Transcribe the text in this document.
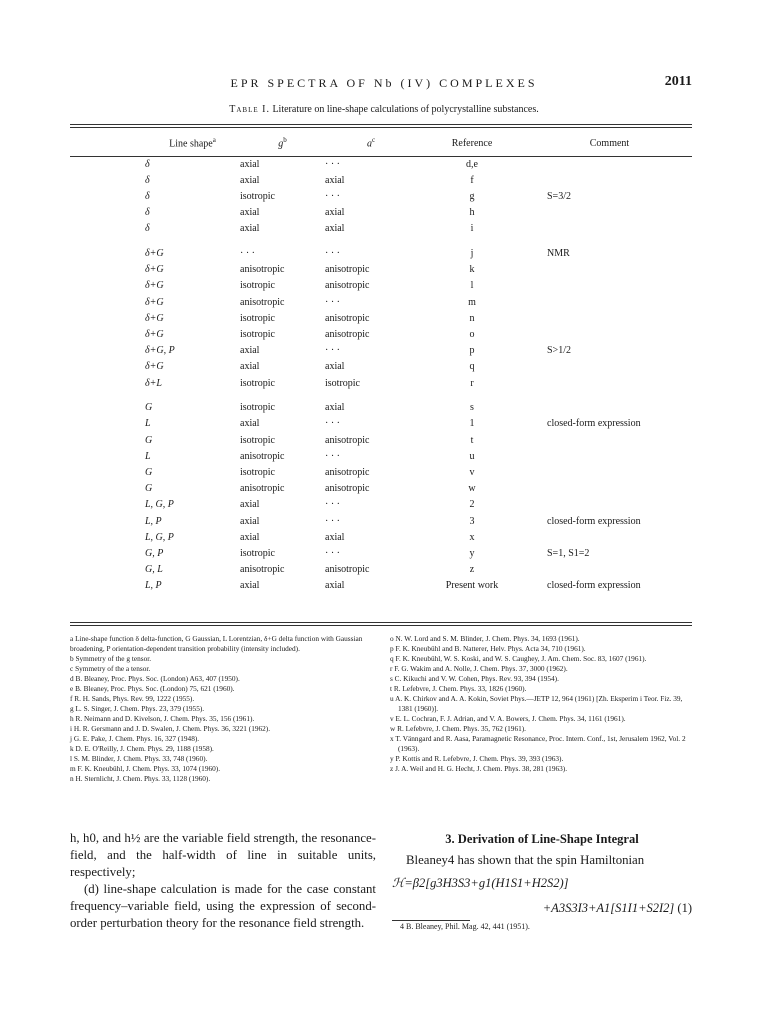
EPR SPECTRA OF Nb (IV) COMPLEXES	2011
Table I. Literature on line-shape calculations of polycrystalline substances.
	Line shape$^a$	$g^b$	$a^c$	Reference	Comment
	δ	axial	· · ·	d,e	
	δ	axial	axial	f	
	δ	isotropic	· · ·	g	S=3/2
	δ	axial	axial	h	
	δ	axial	axial	i	

	δ+G	· · ·	· · ·	j	NMR
	δ+G	anisotropic	anisotropic	k	
	δ+G	isotropic	anisotropic	l	
	δ+G	anisotropic	· · ·	m	
	δ+G	isotropic	anisotropic	n	
	δ+G	isotropic	anisotropic	o	
	δ+G, P	axial	· · ·	p	S>1/2
	δ+G	axial	axial	q	
	δ+L	isotropic	isotropic	r	

	G	isotropic	axial	s	
	L	axial	· · ·	1	closed-form expression
	G	isotropic	anisotropic	t	
	L	anisotropic	· · ·	u	
	G	isotropic	anisotropic	v	
	G	anisotropic	anisotropic	w	
	L, G, P	axial	· · ·	2	
	L, P	axial	· · ·	3	closed-form expression
	L, G, P	axial	axial	x	
	G, P	isotropic	· · ·	y	S=1, S1=2
	G, L	anisotropic	anisotropic	z	
	L, P	axial	axial	Present work	closed-form expression

a Line-shape function δ delta-function, G Gaussian, L Lorentzian, δ+G delta function with Gaussian broadening, P orientation-dependent transition probability (intensity included).

b Symmetry of the g tensor.

c Symmetry of the a tensor.

d B. Bleaney, Proc. Phys. Soc. (London) A63, 407 (1950).

e B. Bleaney, Proc. Phys. Soc. (London) 75, 621 (1960).

f R. H. Sands, Phys. Rev. 99, 1222 (1955).

g L. S. Singer, J. Chem. Phys. 23, 379 (1955).

h R. Neimann and D. Kivelson, J. Chem. Phys. 35, 156 (1961).

i H. R. Gersmann and J. D. Swalen, J. Chem. Phys. 36, 3221 (1962).

j G. E. Pake, J. Chem. Phys. 16, 327 (1948).

k D. E. O'Reilly, J. Chem. Phys. 29, 1188 (1958).

l S. M. Blinder, J. Chem. Phys. 33, 748 (1960).

m F. K. Kneubühl, J. Chem. Phys. 33, 1074 (1960).

n H. Sternlicht, J. Chem. Phys. 33, 1128 (1960).

o N. W. Lord and S. M. Blinder, J. Chem. Phys. 34, 1693 (1961).

p F. K. Kneubühl and B. Natterer, Helv. Phys. Acta 34, 710 (1961).

q F. K. Kneubühl, W. S. Koski, and W. S. Caughey, J. Am. Chem. Soc. 83, 1607 (1961).

r F. G. Wakim and A. Nolle, J. Chem. Phys. 37, 3000 (1962).

s C. Kikuchi and V. W. Cohen, Phys. Rev. 93, 394 (1954).

t R. Lefebvre, J. Chem. Phys. 33, 1826 (1960).

u A. K. Chirkov and A. A. Kokin, Soviet Phys.—JETP 12, 964 (1961) [Zh. Eksperim i Teor. Fiz. 39, 1381 (1960)].

v E. L. Cochran, F. J. Adrian, and V. A. Bowers, J. Chem. Phys. 34, 1161 (1961).

w R. Lefebvre, J. Chem. Phys. 35, 762 (1961).

x T. Vänngard and R. Aasa, Paramagnetic Resonance, Proc. Intern. Conf., 1st, Jerusalem 1962, Vol. 2 (1963).

y P. Kottis and R. Lefebvre, J. Chem. Phys. 39, 393 (1963).

z J. A. Weil and H. G. Hecht, J. Chem. Phys. 38, 281 (1963).

h, h0, and h½ are the variable field strength, the resonance-field, and the half-width of line in suitable units, respectively;

(d) line-shape calculation is made for the case constant frequency–variable field, using the expression of second-order perturbation theory for the resonance field strength.

3. Derivation of Line-Shape Integral

Bleaney4 has shown that the spin Hamiltonian

ℋ=β2[g3H3S3+g1(H1S1+H2S2)]
+A3S3I3+A1[S1I1+S2I2] (1)
4 B. Bleaney, Phil. Mag. 42, 441 (1951).
